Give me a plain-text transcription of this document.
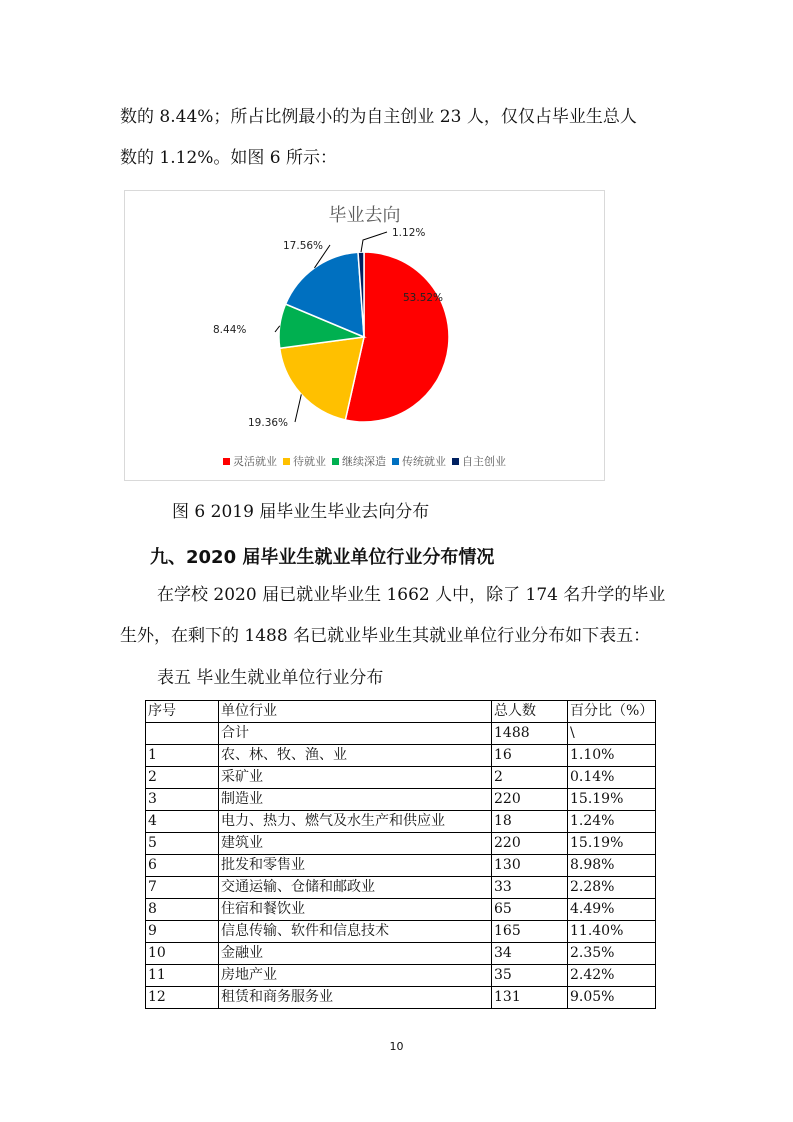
数的 8.44%；所占比例最小的为自主创业 23 人，仅仅占毕业生总人
数的 1.12%。如图 6 所示：
毕业去向
53.52%
19.36%
8.44%
17.56%
1.12%
灵活就业 待就业 继续深造 传统就业 自主创业
图 6 2019 届毕业生毕业去向分布
九、2020 届毕业生就业单位行业分布情况
在学校 2020 届已就业毕业生 1662 人中，除了 174 名升学的毕业
生外，在剩下的 1488 名已就业毕业生其就业单位行业分布如下表五：
表五 毕业生就业单位行业分布
序号	单位行业	总人数	百分比（%）
	合计	1488	\
1	农、林、牧、渔、业	16	1.10%
2	采矿业	2	0.14%
3	制造业	220	15.19%
4	电力、热力、燃气及水生产和供应业	18	1.24%
5	建筑业	220	15.19%
6	批发和零售业	130	8.98%
7	交通运输、仓储和邮政业	33	2.28%
8	住宿和餐饮业	65	4.49%
9	信息传输、软件和信息技术	165	11.40%
10	金融业	34	2.35%
11	房地产业	35	2.42%
12	租赁和商务服务业	131	9.05%
10
